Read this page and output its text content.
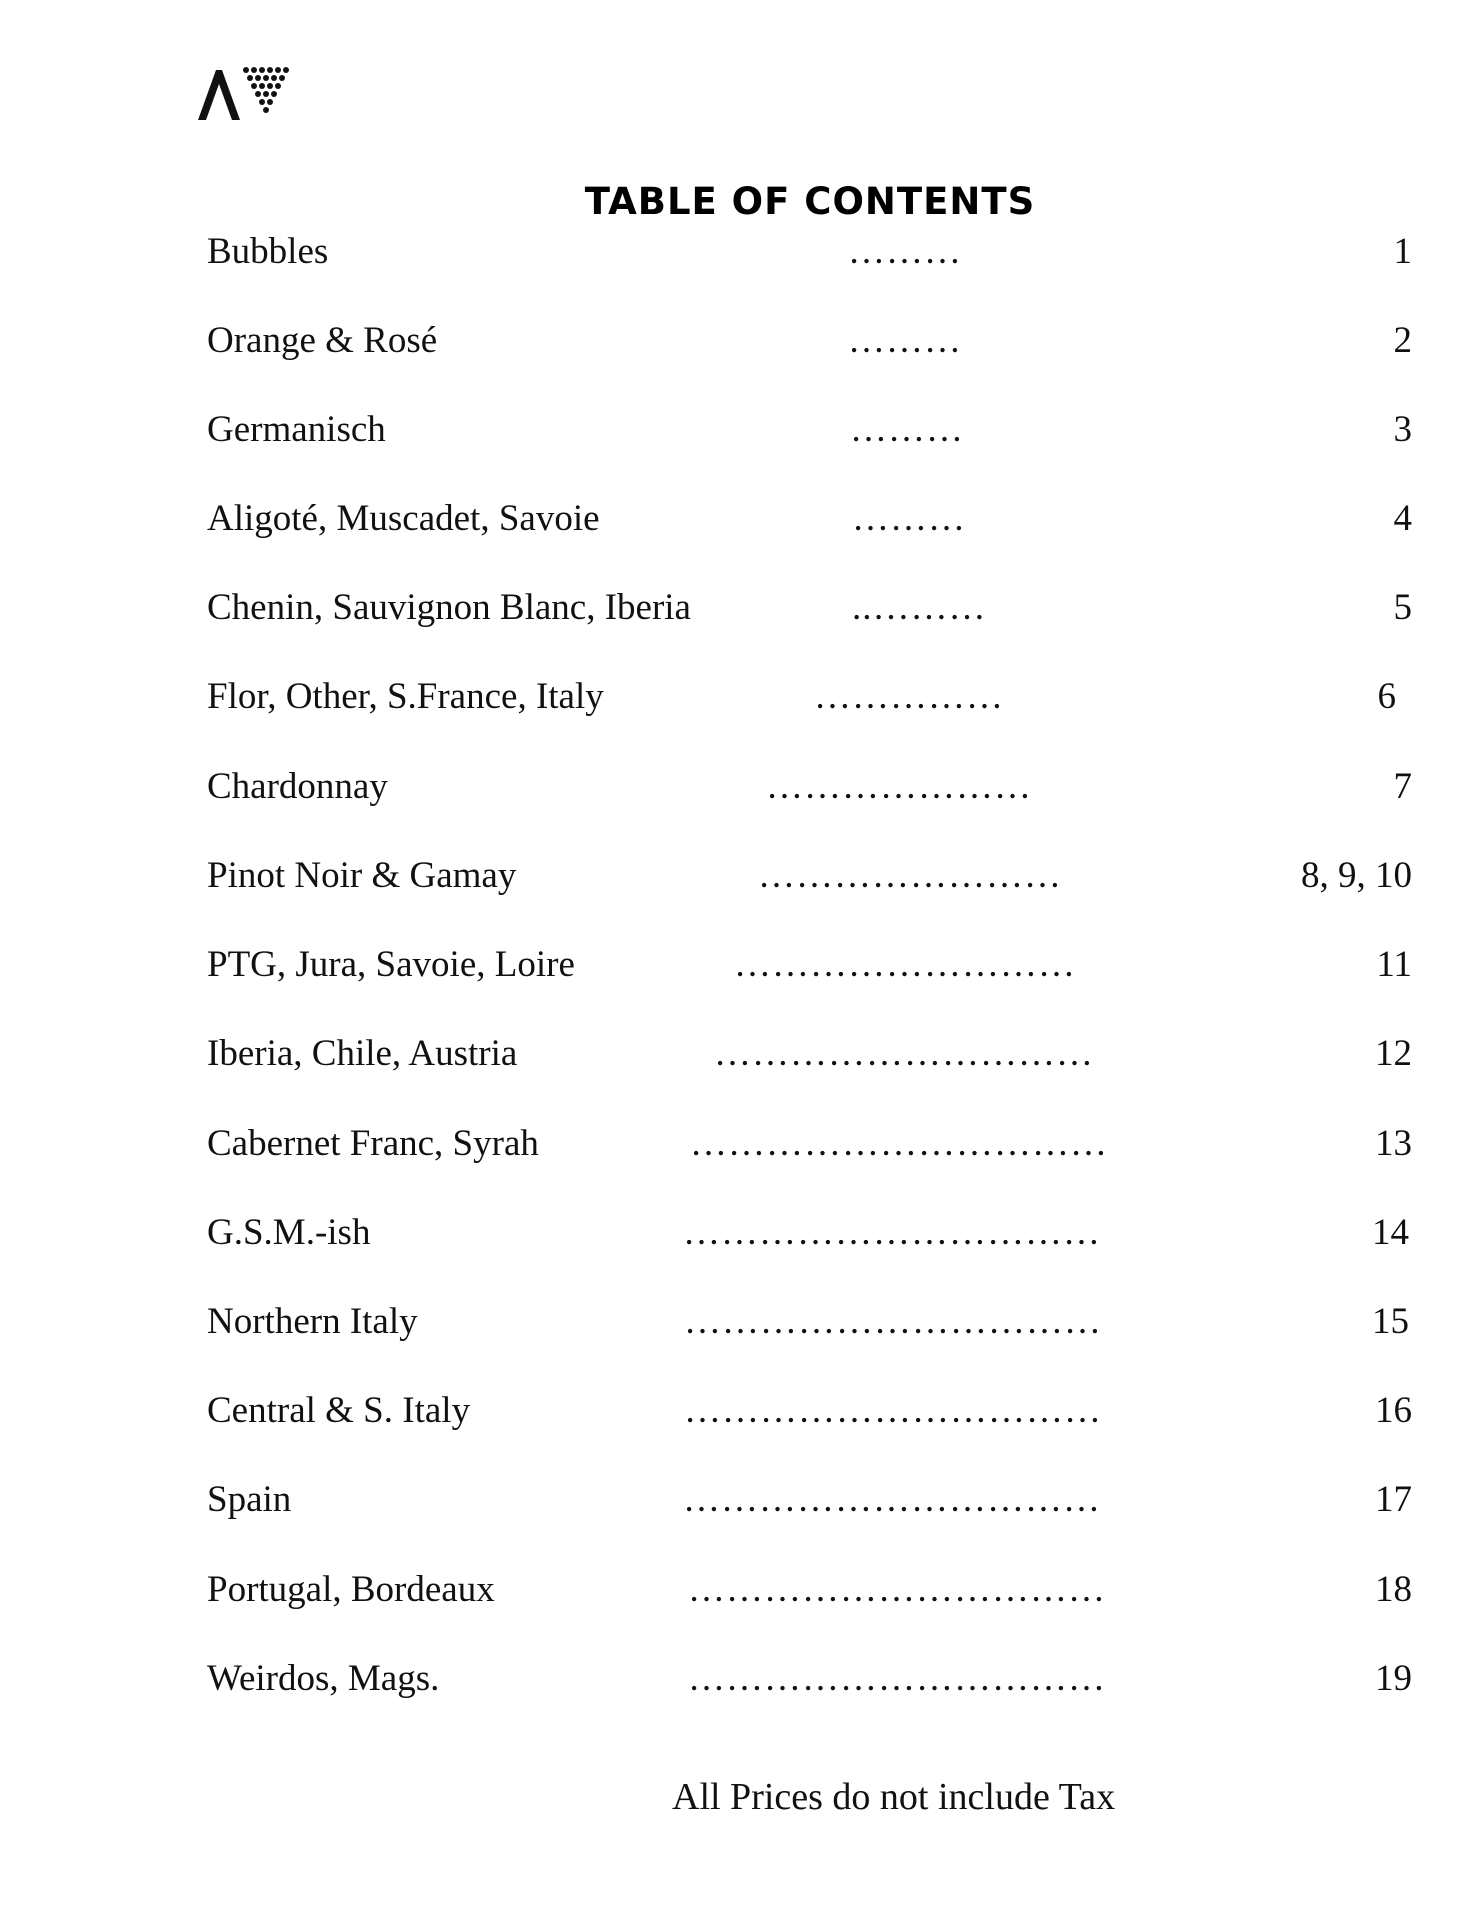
TABLE OF CONTENTS
Bubbles	………	1
Orange & Rosé	………	2
Germanisch	………	3
Aligoté, Muscadet, Savoie	………	4
Chenin, Sauvignon Blanc, Iberia	..………	5
Flor, Other, S.France, Italy	……………	6
Chardonnay	…………………	7
Pinot Noir & Gamay	……………………	8, 9, 10
PTG, Jura, Savoie, Loire	………………………	11
Iberia, Chile, Austria	…………………………	12
Cabernet Franc, Syrah	……………………………	13
G.S.M.-ish	……………………………	14
Northern Italy	……………………………	15
Central & S. Italy	……………………………	16
Spain	……………………………	17
Portugal, Bordeaux	……………………………	18
Weirdos, Mags.	……………………………	19
All Prices do not include Tax
